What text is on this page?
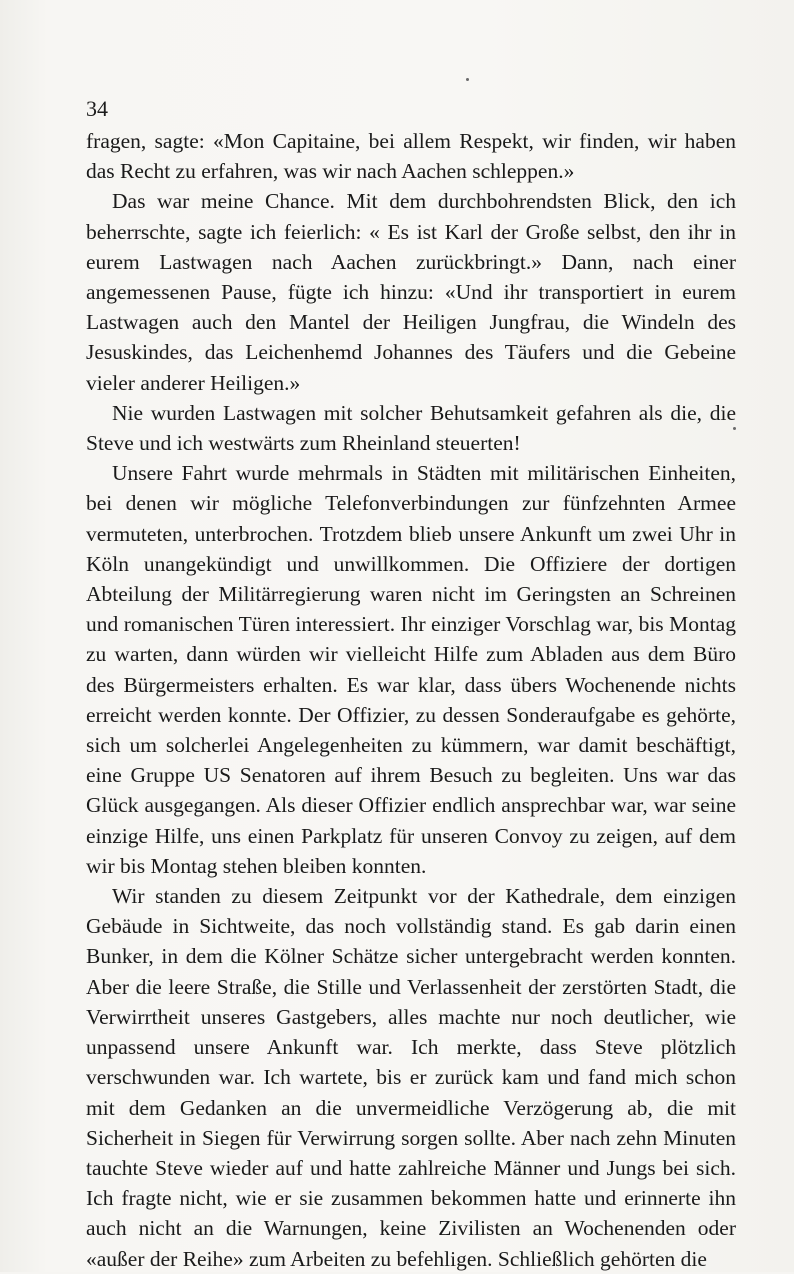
34

fragen, sagte: «Mon Capitaine, bei allem Respekt, wir finden, wir haben das Recht zu erfahren, was wir nach Aachen schleppen.»

Das war meine Chance. Mit dem durchbohrendsten Blick, den ich beherrschte, sagte ich feierlich: « Es ist Karl der Große selbst, den ihr in eurem Lastwagen nach Aachen zurückbringt.» Dann, nach einer angemessenen Pause, fügte ich hinzu: «Und ihr transportiert in eurem Lastwagen auch den Mantel der Heiligen Jungfrau, die Windeln des Jesuskindes, das Leichenhemd Johannes des Täufers und die Gebeine vieler anderer Heiligen.»

Nie wurden Lastwagen mit solcher Behutsamkeit gefahren als die, die Steve und ich westwärts zum Rheinland steuerten!

Unsere Fahrt wurde mehrmals in Städten mit militärischen Einheiten, bei denen wir mögliche Telefonverbindungen zur fünfzehnten Armee vermuteten, unterbrochen. Trotzdem blieb unsere Ankunft um zwei Uhr in Köln unangekündigt und unwillkommen. Die Offiziere der dortigen Abteilung der Militärregierung waren nicht im Geringsten an Schreinen und romanischen Türen interessiert. Ihr einziger Vorschlag war, bis Montag zu warten, dann würden wir vielleicht Hilfe zum Abladen aus dem Büro des Bürgermeisters erhalten. Es war klar, dass übers Wochenende nichts erreicht werden konnte. Der Offizier, zu dessen Sonderaufgabe es gehörte, sich um solcherlei Angelegenheiten zu kümmern, war damit beschäftigt, eine Gruppe US Senatoren auf ihrem Besuch zu begleiten. Uns war das Glück ausgegangen. Als dieser Offizier endlich ansprechbar war, war seine einzige Hilfe, uns einen Parkplatz für unseren Convoy zu zeigen, auf dem wir bis Montag stehen bleiben konnten.

Wir standen zu diesem Zeitpunkt vor der Kathedrale, dem einzigen Gebäude in Sichtweite, das noch vollständig stand. Es gab darin einen Bunker, in dem die Kölner Schätze sicher untergebracht werden konnten. Aber die leere Straße, die Stille und Verlassenheit der zerstörten Stadt, die Verwirrtheit unseres Gastgebers, alles machte nur noch deutlicher, wie unpassend unsere Ankunft war. Ich merkte, dass Steve plötzlich verschwunden war. Ich wartete, bis er zurück kam und fand mich schon mit dem Gedanken an die unvermeidliche Verzögerung ab, die mit Sicherheit in Siegen für Verwirrung sorgen sollte. Aber nach zehn Minuten tauchte Steve wieder auf und hatte zahlreiche Männer und Jungs bei sich. Ich fragte nicht, wie er sie zusammen bekommen hatte und erinnerte ihn auch nicht an die Warnungen, keine Zivilisten an Wochenenden oder «außer der Reihe» zum Arbeiten zu befehligen. Schließlich gehörten die
